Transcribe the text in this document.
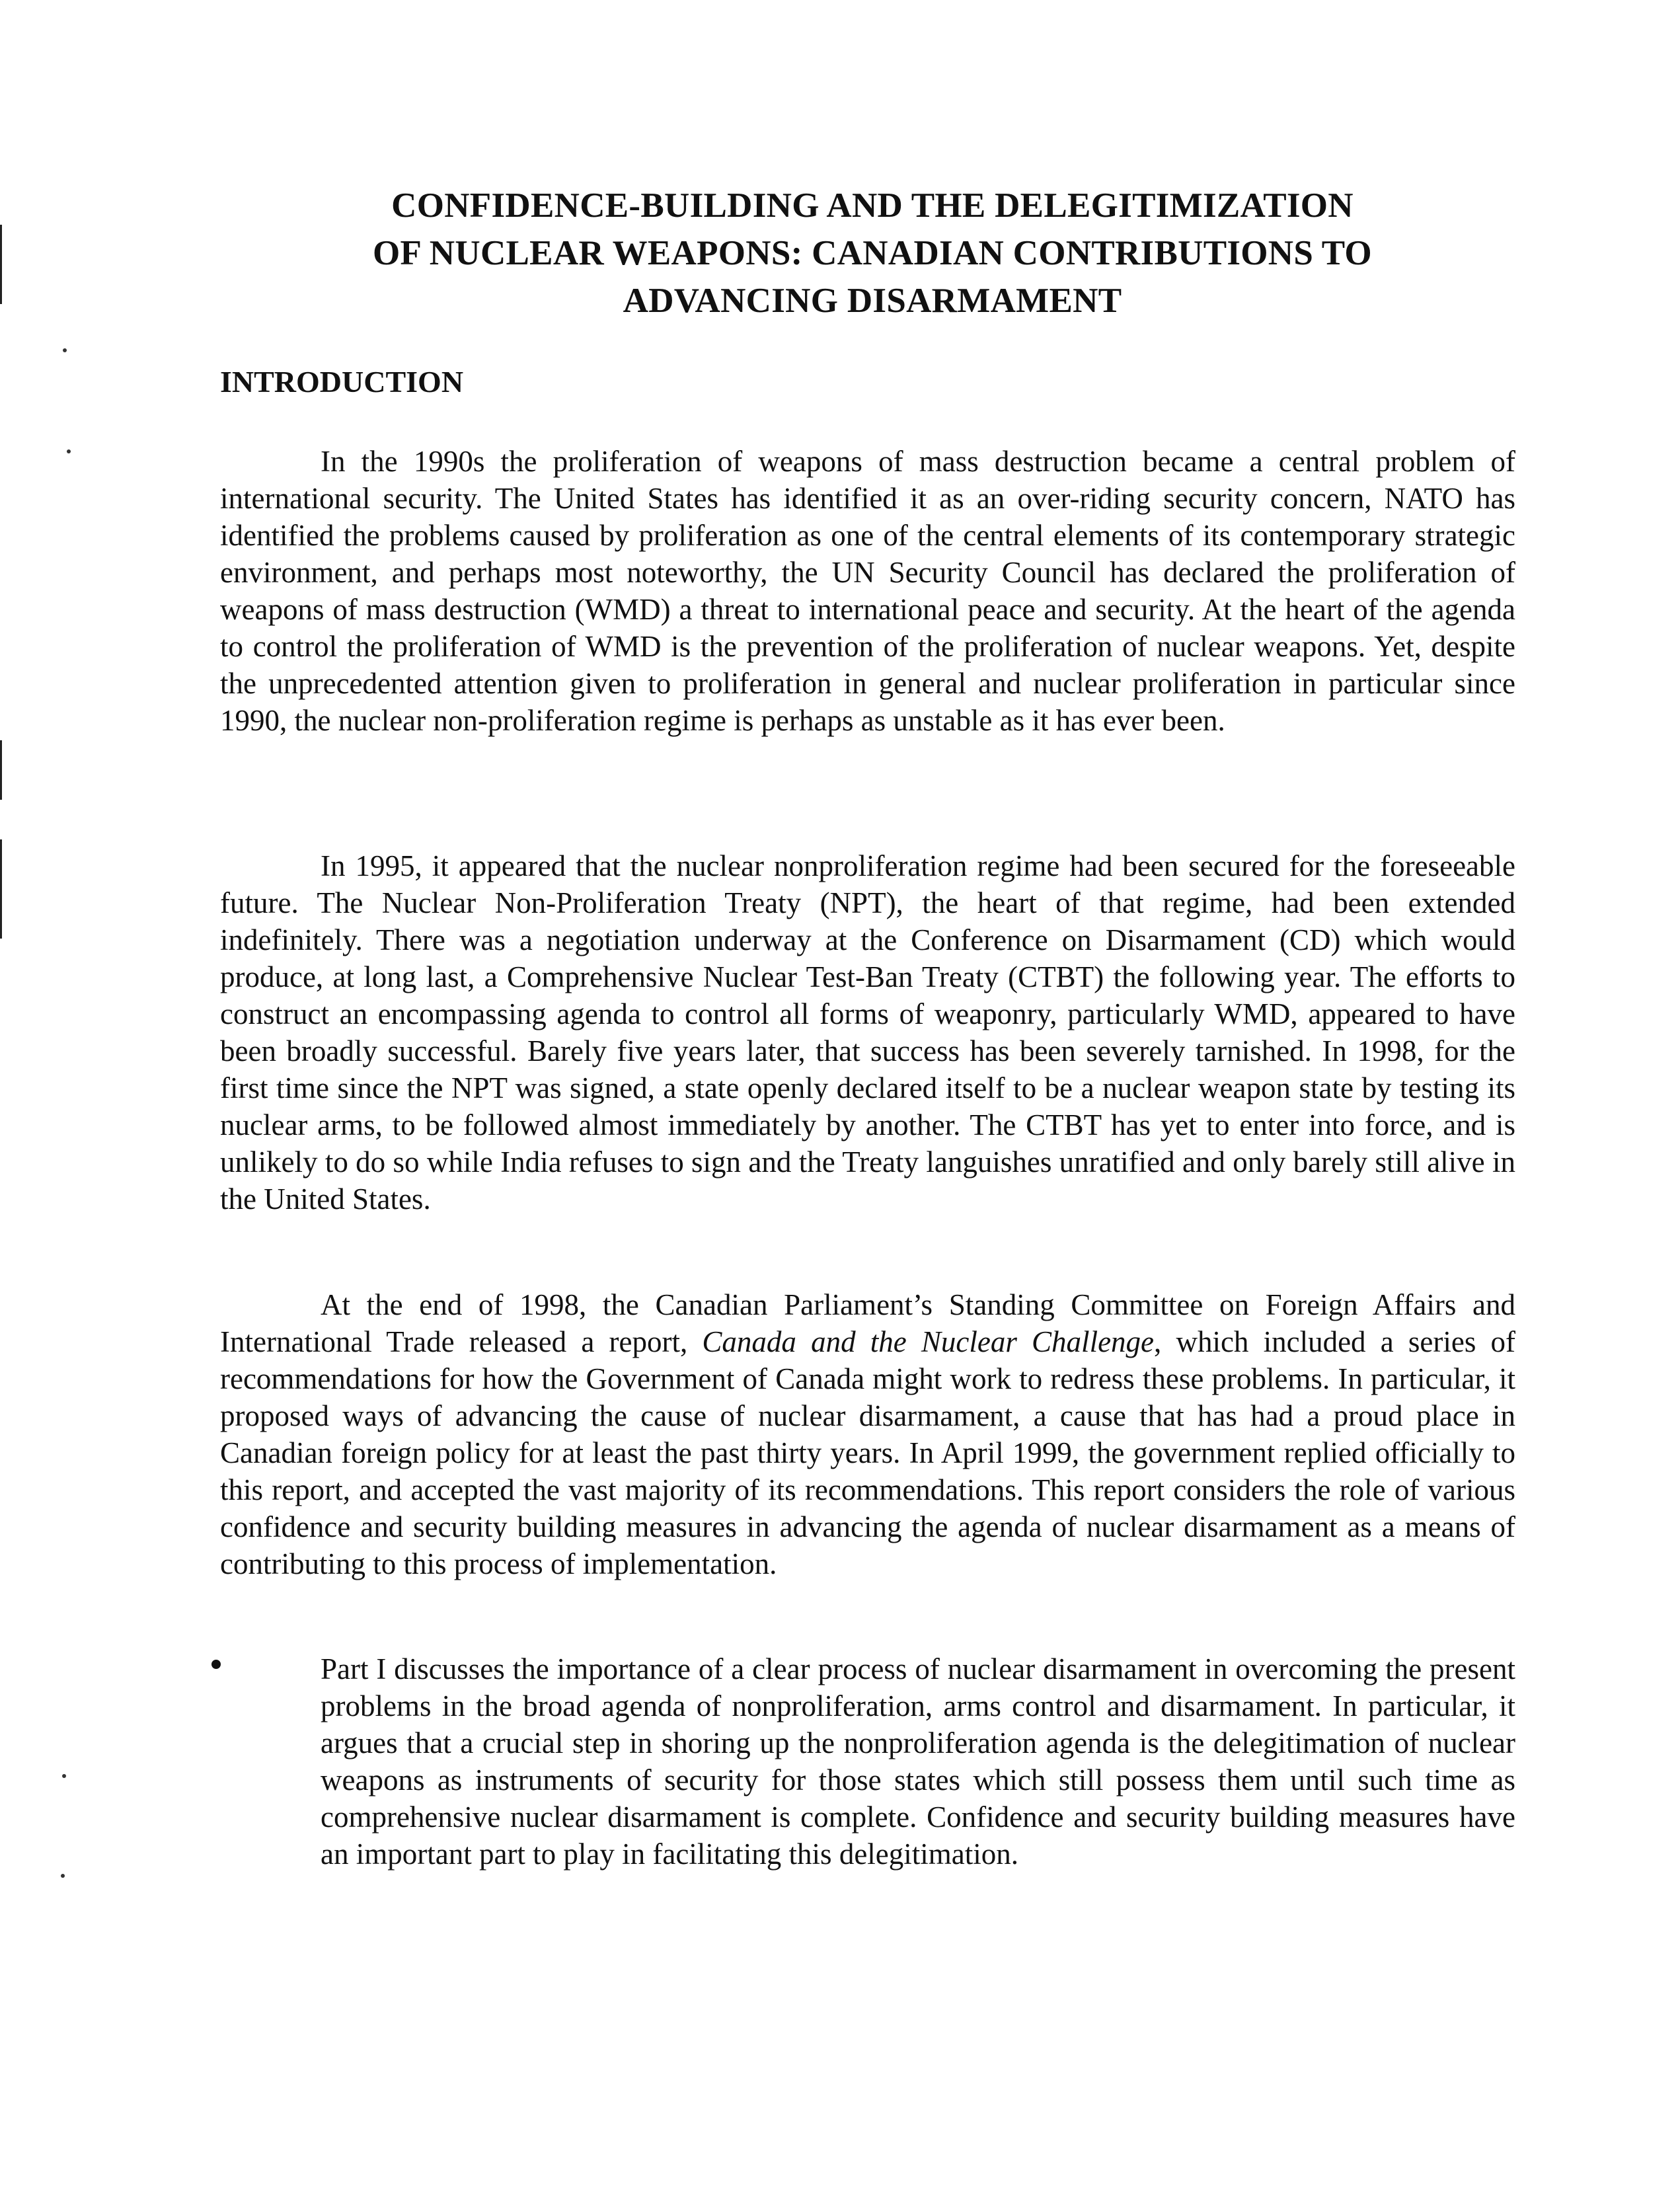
CONFIDENCE-BUILDING AND THE DELEGITIMIZATION
OF NUCLEAR WEAPONS: CANADIAN CONTRIBUTIONS TO
ADVANCING DISARMAMENT
INTRODUCTION

In the 1990s the proliferation of weapons of mass destruction became a central problem of international security. The United States has identified it as an over-riding security concern, NATO has identified the problems caused by proliferation as one of the central elements of its contemporary strategic environment, and perhaps most noteworthy, the UN Security Council has declared the proliferation of weapons of mass destruction (WMD) a threat to international peace and security. At the heart of the agenda to control the proliferation of WMD is the prevention of the proliferation of nuclear weapons. Yet, despite the unprecedented attention given to proliferation in general and nuclear proliferation in particular since 1990, the nuclear non-proliferation regime is perhaps as unstable as it has ever been.

In 1995, it appeared that the nuclear nonproliferation regime had been secured for the foreseeable future. The Nuclear Non-Proliferation Treaty (NPT), the heart of that regime, had been extended indefinitely. There was a negotiation underway at the Conference on Disarmament (CD) which would produce, at long last, a Comprehensive Nuclear Test-Ban Treaty (CTBT) the following year. The efforts to construct an encompassing agenda to control all forms of weaponry, particularly WMD, appeared to have been broadly successful. Barely five years later, that success has been severely tarnished. In 1998, for the first time since the NPT was signed, a state openly declared itself to be a nuclear weapon state by testing its nuclear arms, to be followed almost immediately by another. The CTBT has yet to enter into force, and is unlikely to do so while India refuses to sign and the Treaty languishes unratified and only barely still alive in the United States.

At the end of 1998, the Canadian Parliament’s Standing Committee on Foreign Affairs and International Trade released a report, Canada and the Nuclear Challenge, which included a series of recommendations for how the Government of Canada might work to redress these problems. In particular, it proposed ways of advancing the cause of nuclear disarmament, a cause that has had a proud place in Canadian foreign policy for at least the past thirty years. In April 1999, the government replied officially to this report, and accepted the vast majority of its recommendations. This report considers the role of various confidence and security building measures in advancing the agenda of nuclear disarmament as a means of contributing to this process of implementation.

Part I discusses the importance of a clear process of nuclear disarmament in overcoming the present problems in the broad agenda of nonproliferation, arms control and disarmament. In particular, it argues that a crucial step in shoring up the nonproliferation agenda is the delegitimation of nuclear weapons as instruments of security for those states which still possess them until such time as comprehensive nuclear disarmament is complete. Confidence and security building measures have an important part to play in facilitating this delegitimation.
